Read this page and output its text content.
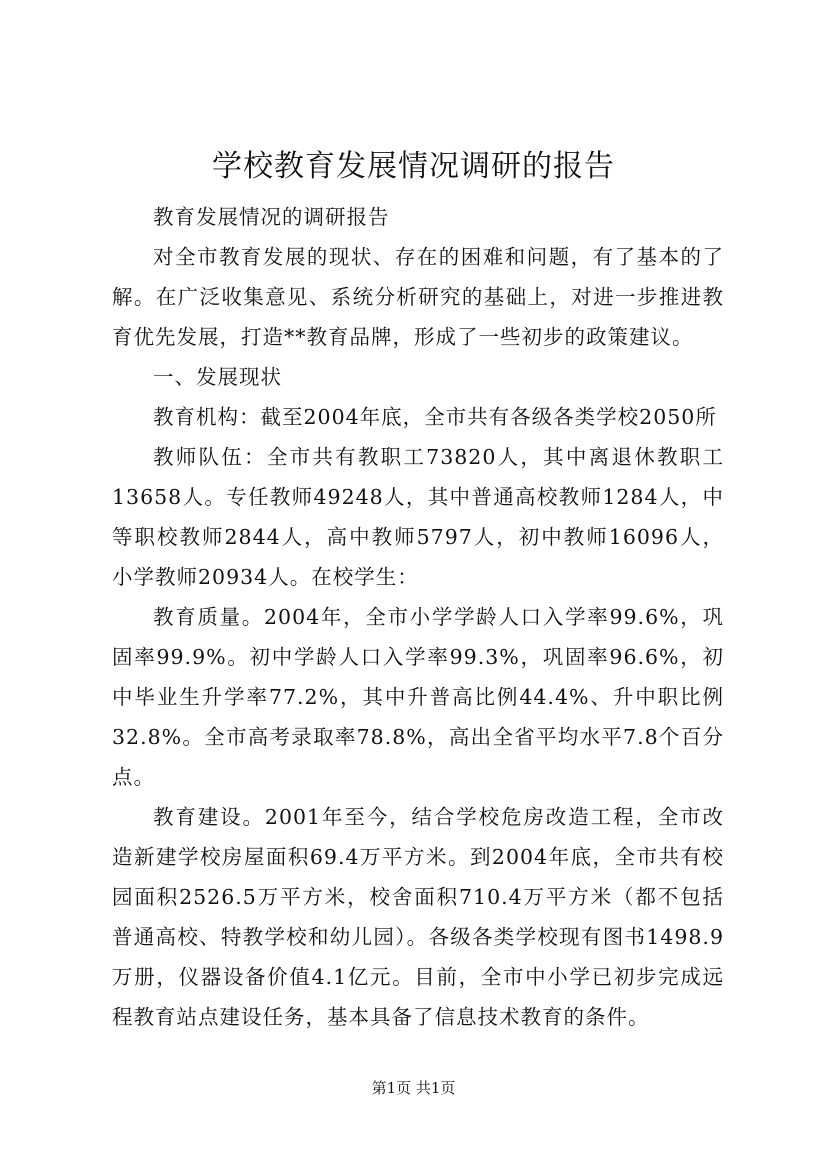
学校教育发展情况调研的报告

教育发展情况的调研报告

对全市教育发展的现状、存在的困难和问题，有了基本的了解。在广泛收集意见、系统分析研究的基础上，对进一步推进教育优先发展，打造**教育品牌，形成了一些初步的政策建议。

一、发展现状

教育机构：截至2004年底，全市共有各级各类学校2050所

教师队伍：全市共有教职工73820人，其中离退休教职工13658人。专任教师49248人，其中普通高校教师1284人，中等职校教师2844人，高中教师5797人，初中教师16096人，小学教师20934人。在校学生：

教育质量。2004年，全市小学学龄人口入学率99.6%，巩固率99.9%。初中学龄人口入学率99.3%，巩固率96.6%，初中毕业生升学率77.2%，其中升普高比例44.4%、升中职比例32.8%。全市高考录取率78.8%，高出全省平均水平7.8个百分点。

教育建设。2001年至今，结合学校危房改造工程，全市改造新建学校房屋面积69.4万平方米。到2004年底，全市共有校园面积2526.5万平方米，校舍面积710.4万平方米（都不包括普通高校、特教学校和幼儿园）。各级各类学校现有图书1498.9万册，仪器设备价值4.1亿元。目前，全市中小学已初步完成远程教育站点建设任务，基本具备了信息技术教育的条件。

第1页 共1页
